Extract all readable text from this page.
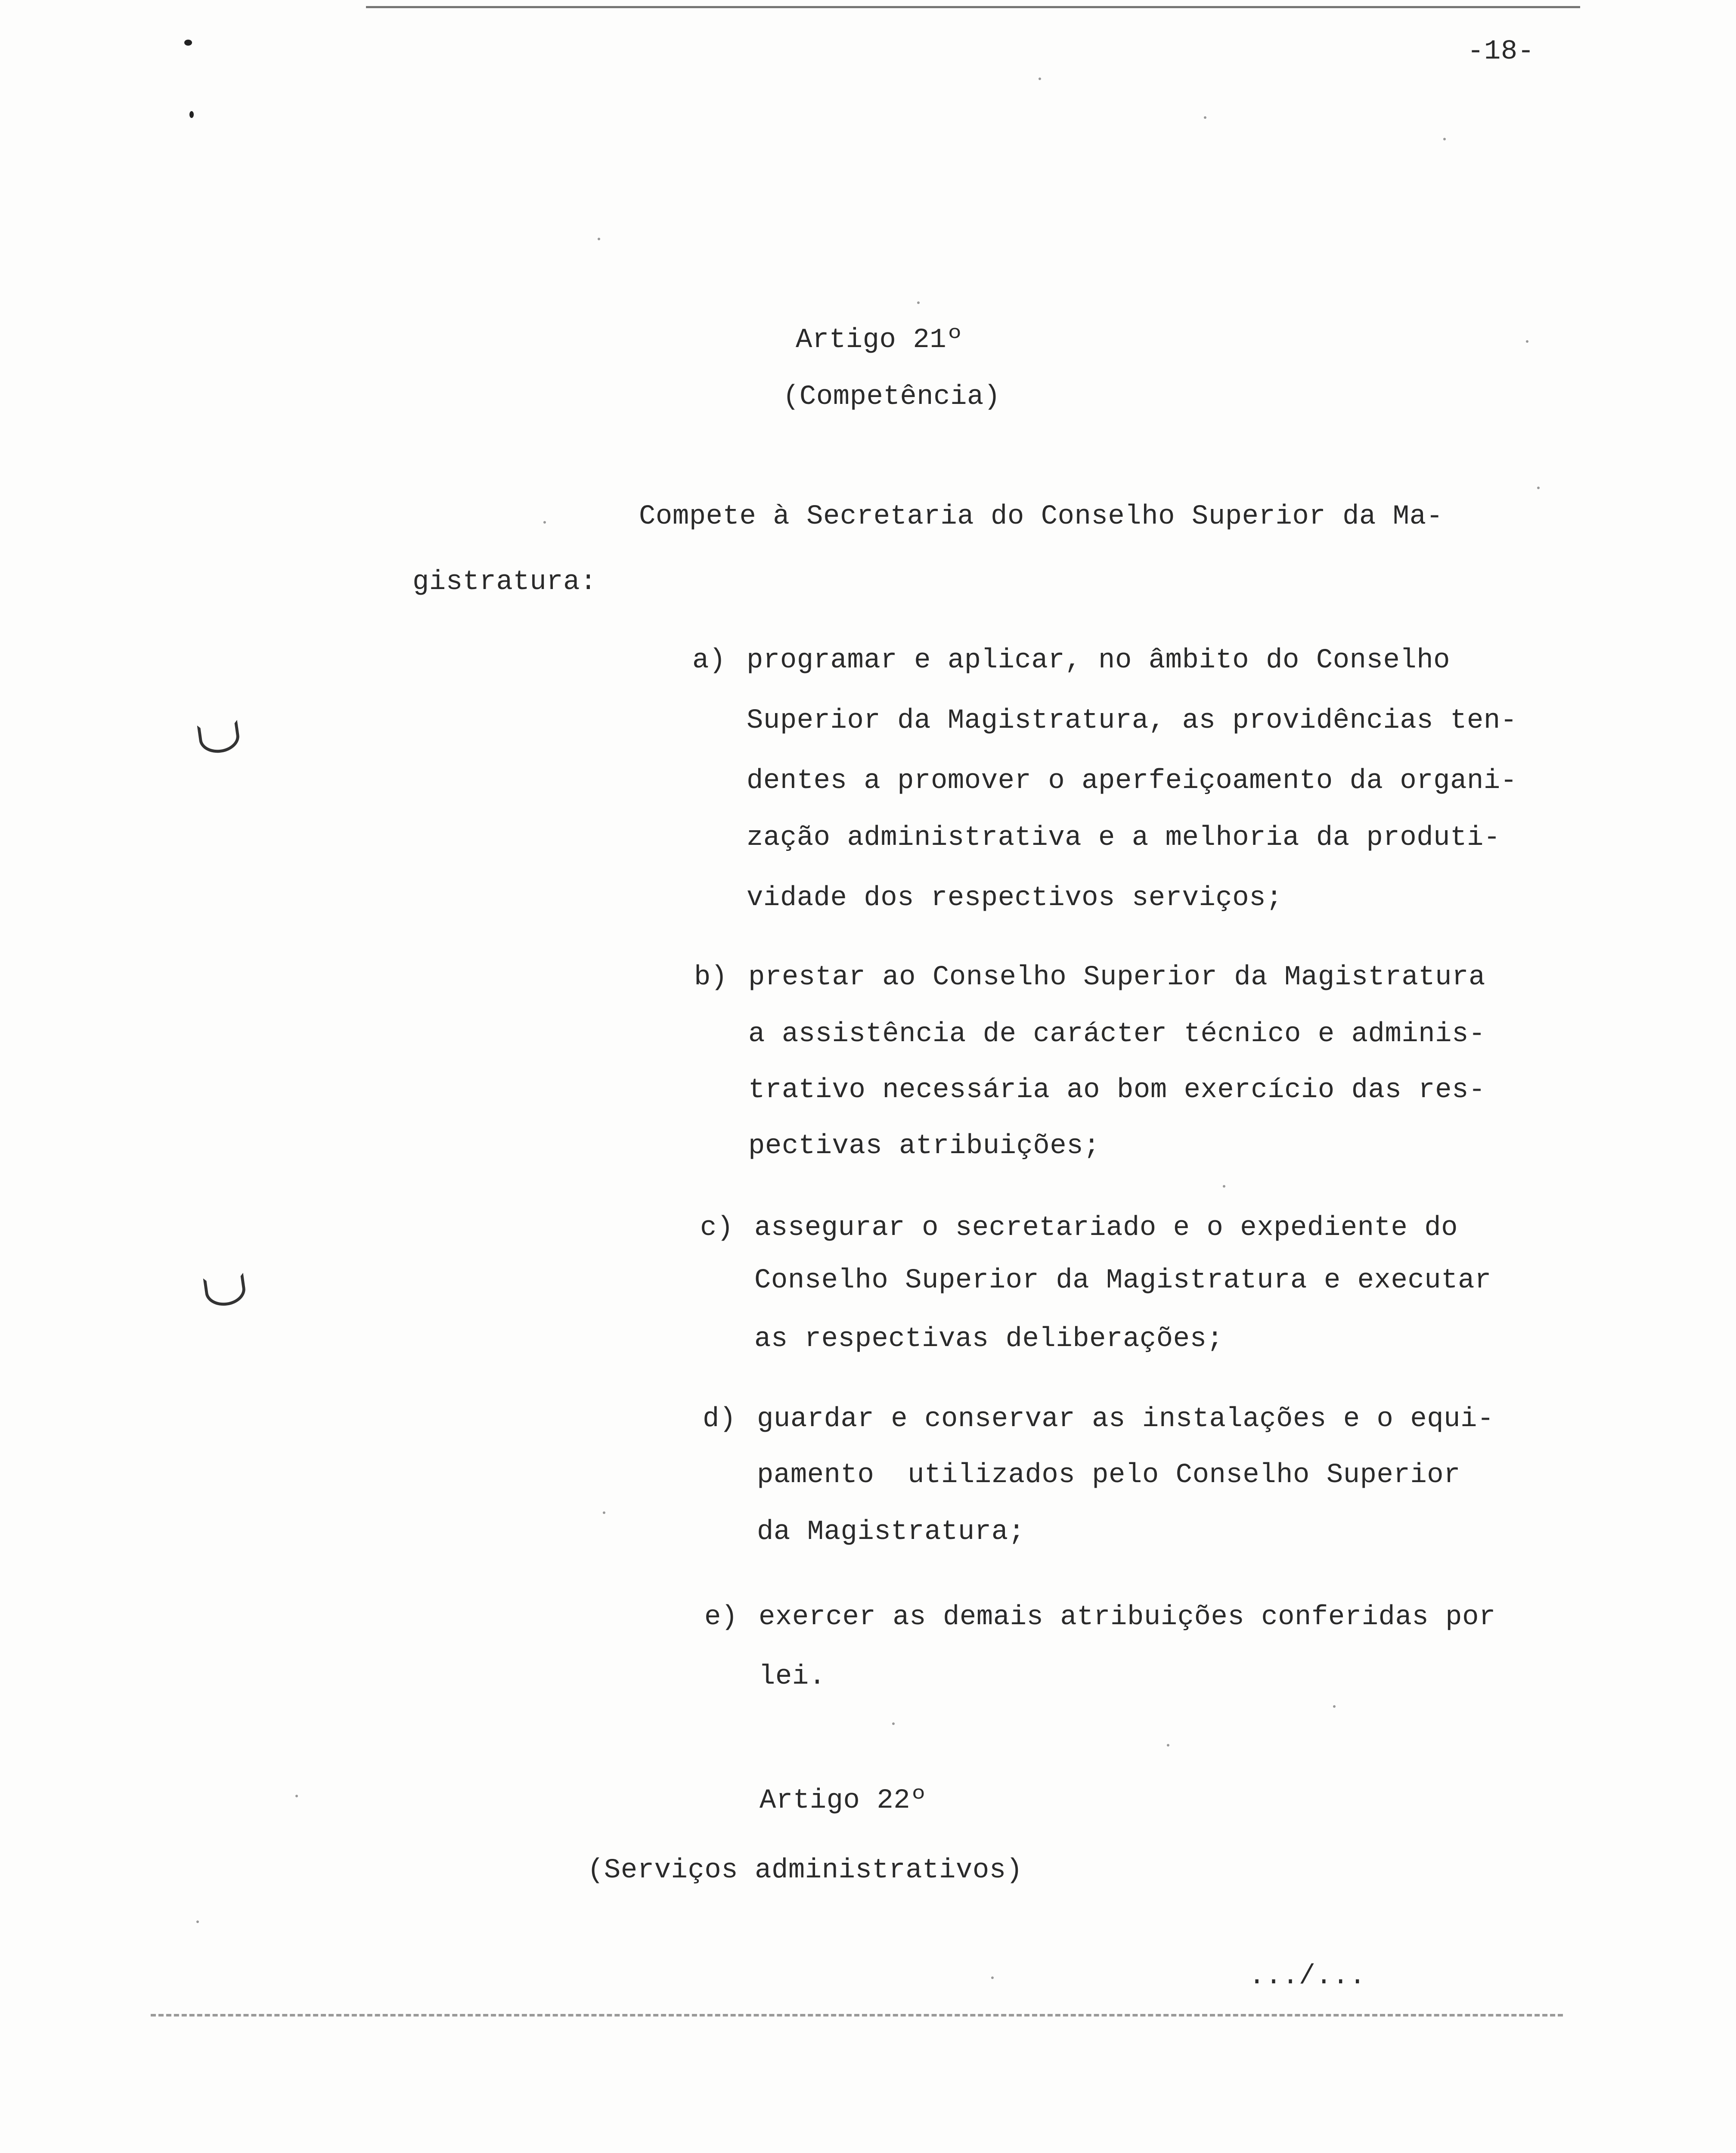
-18-
Artigo 21º
(Competência)
Compete à Secretaria do Conselho Superior da Ma-
gistratura:
a) programar e aplicar, no âmbito do Conselho
Superior da Magistratura, as providências ten-
dentes a promover o aperfeiçoamento da organi-
zação administrativa e a melhoria da produti-
vidade dos respectivos serviços;
b) prestar ao Conselho Superior da Magistratura
a assistência de carácter técnico e adminis-
trativo necessária ao bom exercício das res-
pectivas atribuições;
c) assegurar o secretariado e o expediente do
Conselho Superior da Magistratura e executar
as respectivas deliberações;
d) guardar e conservar as instalações e o equi-
pamento  utilizados pelo Conselho Superior
da Magistratura;
e) exercer as demais atribuições conferidas por
lei.
Artigo 22º
(Serviços administrativos)
.../...
